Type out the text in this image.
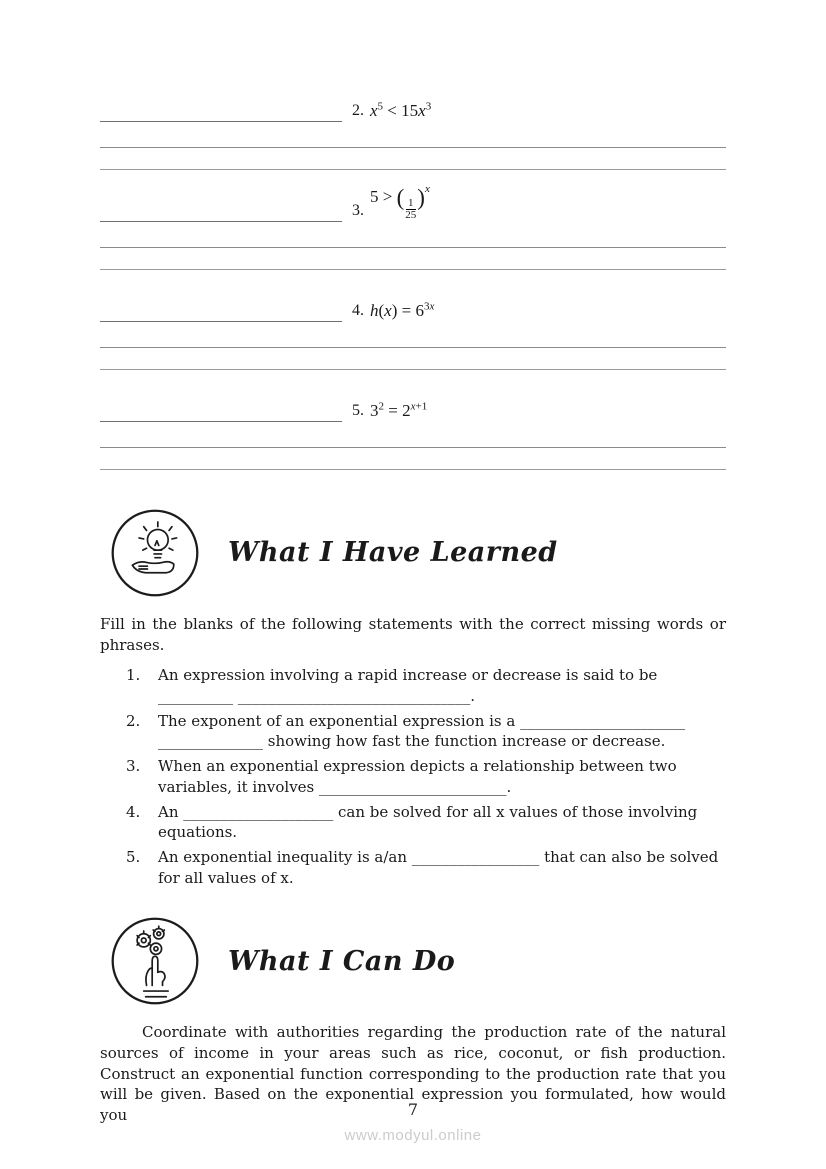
2. $x^5 < 15x^3$
3.
5 > (
$\frac{1}{25}$
)$^x$
4. $h(x) = 6^{3x}$
5. $3^2 = 2^{x+1}$
What I Have Learned

Fill in the blanks of the following statements with the correct missing words or phrases.

1.	An expression involving a rapid increase or decrease is said to be __________ _______________________________.
2.	The exponent of an exponential expression is a ______________________ ______________ showing how fast the function increase or decrease.
3.	When an exponential expression depicts a relationship between two variables, it involves _________________________.
4.	An ____________________ can be solved for all x values of those involving equations.
5.	An exponential inequality is a/an _________________ that can also be solved for all values of x.
What I Can Do

Coordinate with authorities regarding the production rate of the natural sources of income in your areas such as rice, coconut, or fish production. Construct an exponential function corresponding to the production rate that you will be given. Based on the exponential expression you formulated, how would you	7
www.modyul.online
